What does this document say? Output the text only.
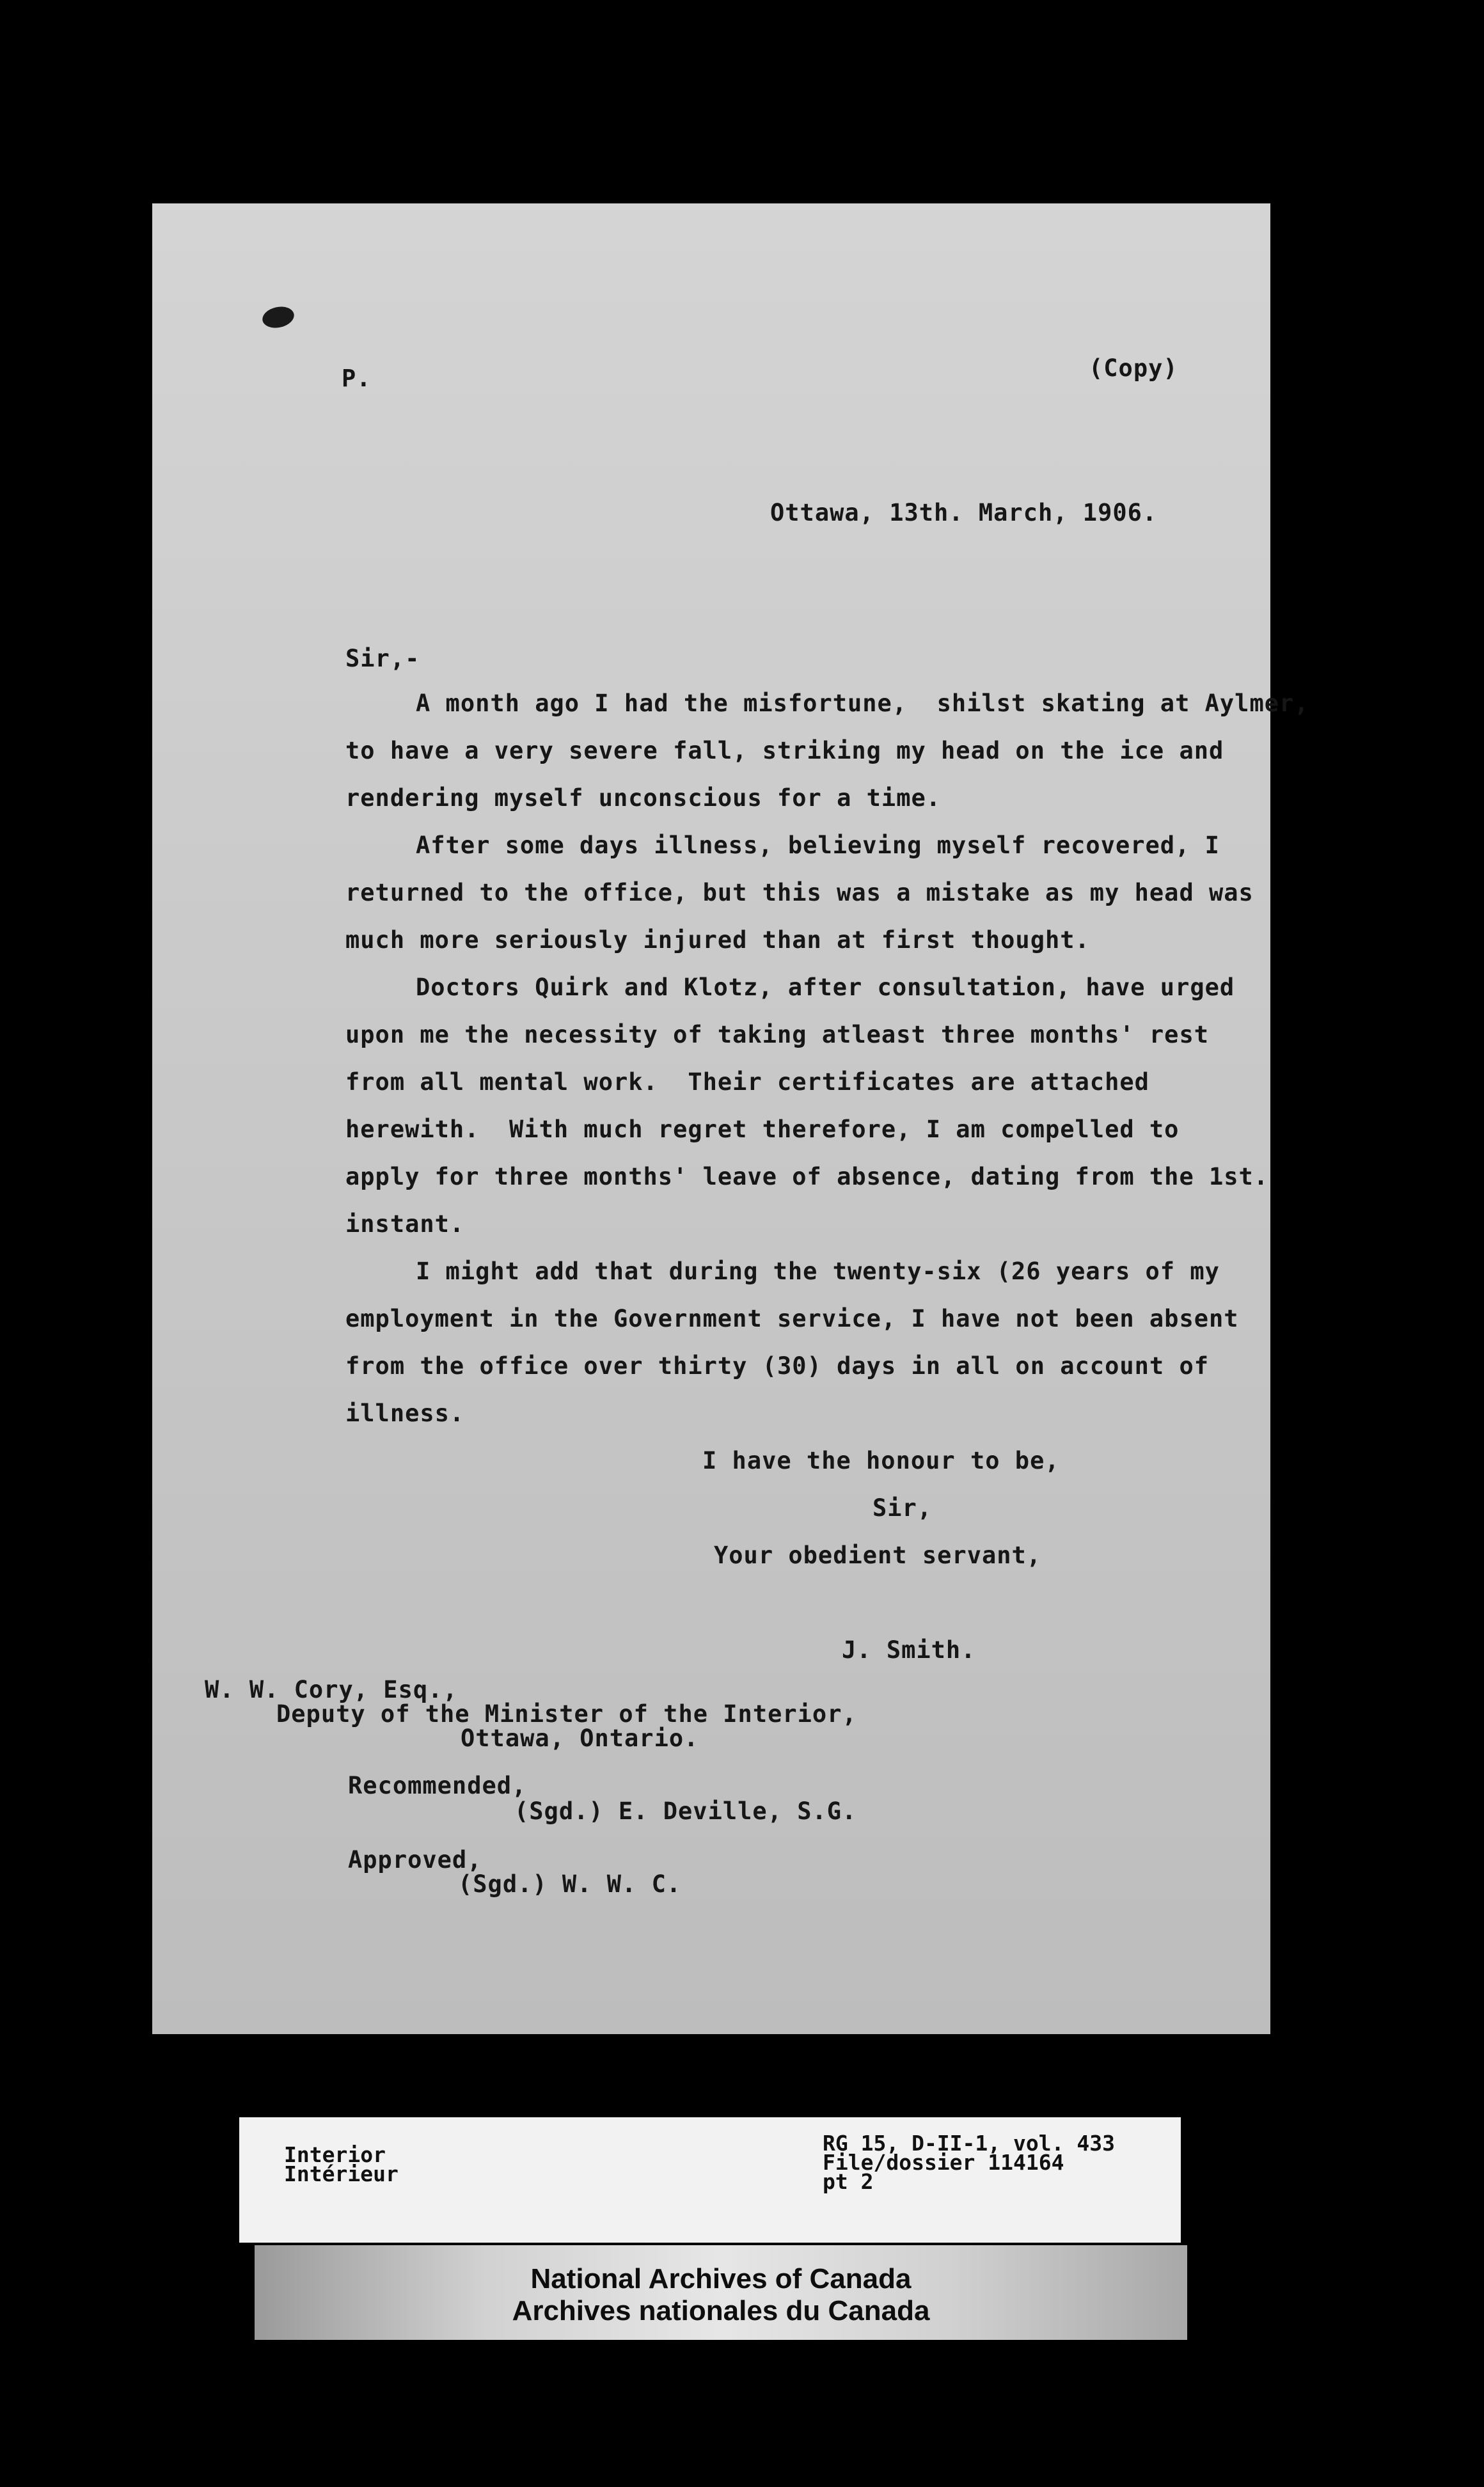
P.	(Copy)
Ottawa, 13th. March, 1906.
Sir,-
A month ago I had the misfortune,  shilst skating at Aylmer,
to have a very severe fall, striking my head on the ice and
rendering myself unconscious for a time.
After some days illness, believing myself recovered, I
returned to the office, but this was a mistake as my head was
much more seriously injured than at first thought.
Doctors Quirk and Klotz, after consultation, have urged
upon me the necessity of taking atleast three months' rest
from all mental work.  Their certificates are attached
herewith.  With much regret therefore, I am compelled to
apply for three months' leave of absence, dating from the 1st.
instant.
I might add that during the twenty-six (26 years of my
employment in the Government service, I have not been absent
from the office over thirty (30) days in all on account of
illness.
I have the honour to be,
Sir,
Your obedient servant,
J. Smith.
W. W. Cory, Esq.,
Deputy of the Minister of the Interior,
Ottawa, Ontario.
Recommended,
(Sgd.) E. Deville, S.G.
Approved,
(Sgd.) W. W. C.
Interior
Intérieur
RG 15, D-II-1, vol. 433
File/dossier 114164
pt 2
National Archives of Canada
Archives nationales du Canada
